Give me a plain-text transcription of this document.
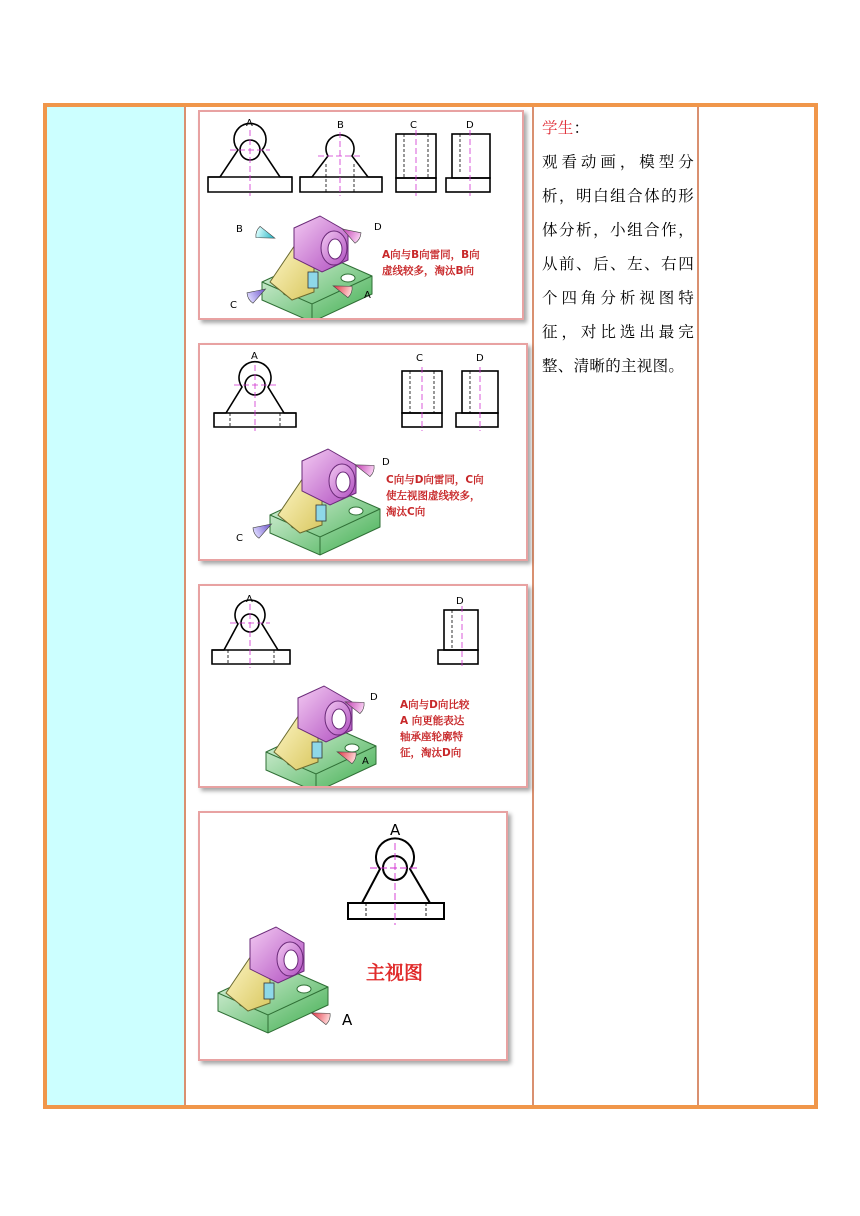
学生：
观看动画，模型分析，明白组合体的形体分析，小组合作，从前、后、左、右四个四角分析视图特征，对比选出最完整、清晰的主视图。
A	B	C	D
B	D
C
A
A向与B向雷同，B向
虚线较多，淘汰B向
A	C	D
D
C
C向与D向雷同，C向
使左视图虚线较多，
淘汰C向
A	D
D
A
A向与D向比较
A 向更能表达
轴承座轮廓特
征，淘汰D向
A
A
主视图
